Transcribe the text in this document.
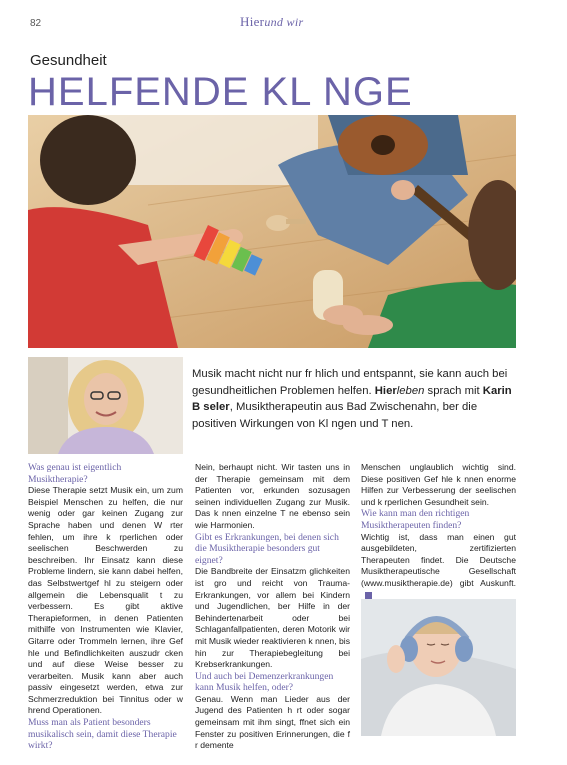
82	Hierund wir
Gesundheit
HELFENDE KL NGE
Musik macht nicht nur fr hlich und entspannt, sie kann auch bei gesundheitlichen Problemen helfen. Hierleben sprach mit Karin B seler, Musiktherapeutin aus Bad Zwischenahn, ber die positiven Wirkungen von Kl ngen und T nen.
Was genau ist eigentlich Musiktherapie?
Diese Therapie setzt Musik ein, um zum Beispiel Menschen zu helfen, die nur wenig oder gar keinen Zugang zur Sprache haben und denen W rter fehlen, um ihre k rperlichen oder seelischen Beschwerden zu beschreiben. Ihr Einsatz kann diese Probleme lindern, sie kann dabei helfen, das Selbstwertgef hl zu steigern oder allgemein die Lebensqualit t zu verbessern. Es gibt aktive Therapieformen, in denen Patienten mithilfe von Instrumenten wie Klavier, Gitarre oder Trommeln lernen, ihre Gef hle und Befindlichkeiten auszudr cken und auf diese Weise besser zu verarbeiten. Musik kann aber auch passiv eingesetzt werden, etwa zur Schmerzreduktion bei Tinnitus oder w hrend Operationen.
Muss man als Patient besonders musikalisch sein, damit diese Therapie wirkt?
Nein, berhaupt nicht. Wir tasten uns in der Therapie gemeinsam mit dem Patienten vor, erkunden sozusagen seinen individuellen Zugang zur Musik. Das k nnen einzelne T ne ebenso sein wie Harmonien.
Gibt es Erkrankungen, bei denen sich die Musiktherapie besonders gut eignet?
Die Bandbreite der Einsatzm glichkeiten ist gro und reicht von Trauma-Erkrankungen, vor allem bei Kindern und Jugendlichen, ber Hilfe in der Behindertenarbeit oder bei Schlaganfallpatienten, deren Motorik wir mit Musik wieder reaktivieren k nnen, bis hin zur Therapiebegleitung bei Krebserkrankungen.
Und auch bei Demenzerkrankungen kann Musik helfen, oder?
Genau. Wenn man Lieder aus der Jugend des Patienten h rt oder sogar gemeinsam mit ihm singt, ffnet sich ein Fenster zu positiven Erinnerungen, die f r demente
Menschen unglaublich wichtig sind. Diese positiven Gef hle k nnen enorme Hilfen zur Verbesserung der seelischen und k rperlichen Gesundheit sein.
Wie kann man den richtigen Musiktherapeuten finden?
Wichtig ist, dass man einen gut ausgebildeten, zertifizierten Therapeuten findet. Die Deutsche Musiktherapeutische Gesellschaft (www.musiktherapie.de) gibt Auskunft.
